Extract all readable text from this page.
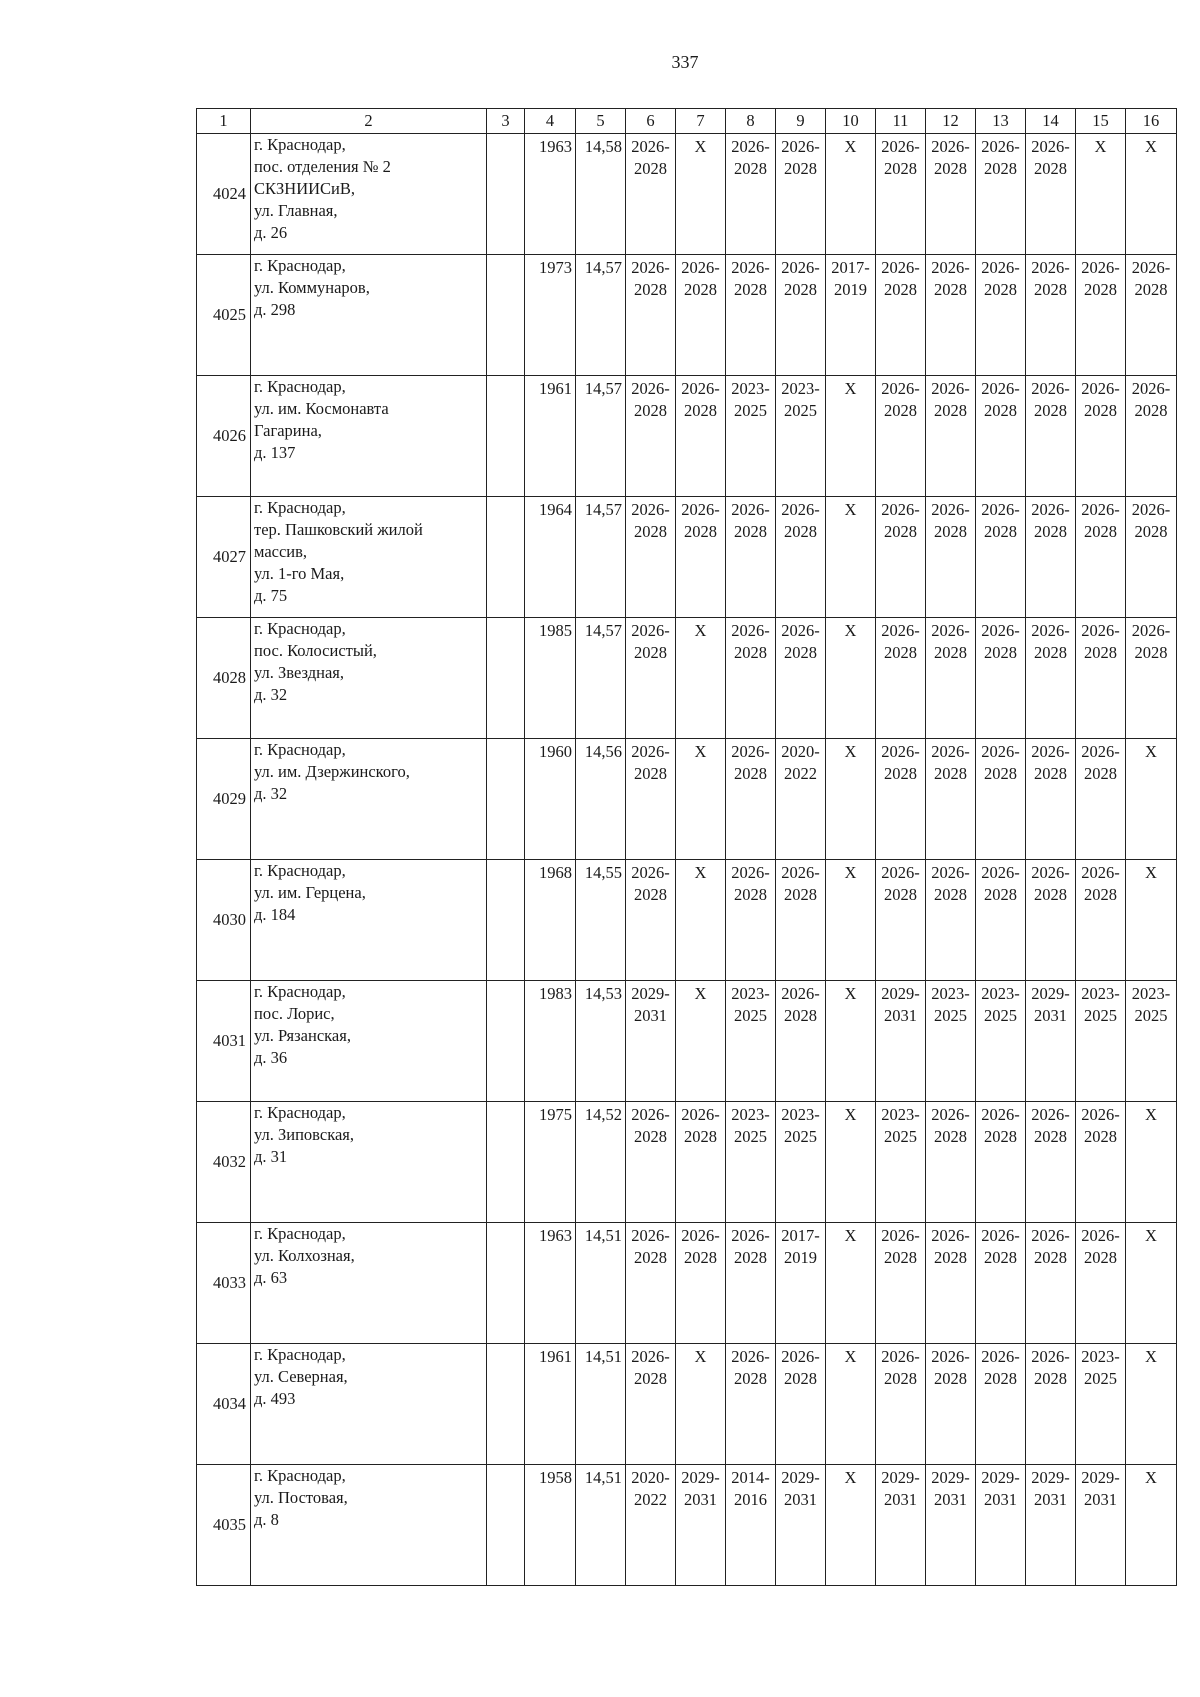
337
1	2	3	4	5	6	7	8	9	10	11	12	13	14	15	16
4024	г. Краснодар,
пос. отделения № 2
СКЗНИИСиВ,
ул. Главная,
д. 26		1963	14,58	2026-
2028	X	2026-
2028	2026-
2028	X	2026-
2028	2026-
2028	2026-
2028	2026-
2028	X	X
4025	г. Краснодар,
ул. Коммунаров,
д. 298		1973	14,57	2026-
2028	2026-
2028	2026-
2028	2026-
2028	2017-
2019	2026-
2028	2026-
2028	2026-
2028	2026-
2028	2026-
2028	2026-
2028
4026	г. Краснодар,
ул. им. Космонавта
Гагарина,
д. 137		1961	14,57	2026-
2028	2026-
2028	2023-
2025	2023-
2025	X	2026-
2028	2026-
2028	2026-
2028	2026-
2028	2026-
2028	2026-
2028
4027	г. Краснодар,
тер. Пашковский жилой
массив,
ул. 1-го Мая,
д. 75		1964	14,57	2026-
2028	2026-
2028	2026-
2028	2026-
2028	X	2026-
2028	2026-
2028	2026-
2028	2026-
2028	2026-
2028	2026-
2028
4028	г. Краснодар,
пос. Колосистый,
ул. Звездная,
д. 32		1985	14,57	2026-
2028	X	2026-
2028	2026-
2028	X	2026-
2028	2026-
2028	2026-
2028	2026-
2028	2026-
2028	2026-
2028
4029	г. Краснодар,
ул. им. Дзержинского,
д. 32		1960	14,56	2026-
2028	X	2026-
2028	2020-
2022	X	2026-
2028	2026-
2028	2026-
2028	2026-
2028	2026-
2028	X
4030	г. Краснодар,
ул. им. Герцена,
д. 184		1968	14,55	2026-
2028	X	2026-
2028	2026-
2028	X	2026-
2028	2026-
2028	2026-
2028	2026-
2028	2026-
2028	X
4031	г. Краснодар,
пос. Лорис,
ул. Рязанская,
д. 36		1983	14,53	2029-
2031	X	2023-
2025	2026-
2028	X	2029-
2031	2023-
2025	2023-
2025	2029-
2031	2023-
2025	2023-
2025
4032	г. Краснодар,
ул. Зиповская,
д. 31		1975	14,52	2026-
2028	2026-
2028	2023-
2025	2023-
2025	X	2023-
2025	2026-
2028	2026-
2028	2026-
2028	2026-
2028	X
4033	г. Краснодар,
ул. Колхозная,
д. 63		1963	14,51	2026-
2028	2026-
2028	2026-
2028	2017-
2019	X	2026-
2028	2026-
2028	2026-
2028	2026-
2028	2026-
2028	X
4034	г. Краснодар,
ул. Северная,
д. 493		1961	14,51	2026-
2028	X	2026-
2028	2026-
2028	X	2026-
2028	2026-
2028	2026-
2028	2026-
2028	2023-
2025	X
4035	г. Краснодар,
ул. Постовая,
д. 8		1958	14,51	2020-
2022	2029-
2031	2014-
2016	2029-
2031	X	2029-
2031	2029-
2031	2029-
2031	2029-
2031	2029-
2031	X
